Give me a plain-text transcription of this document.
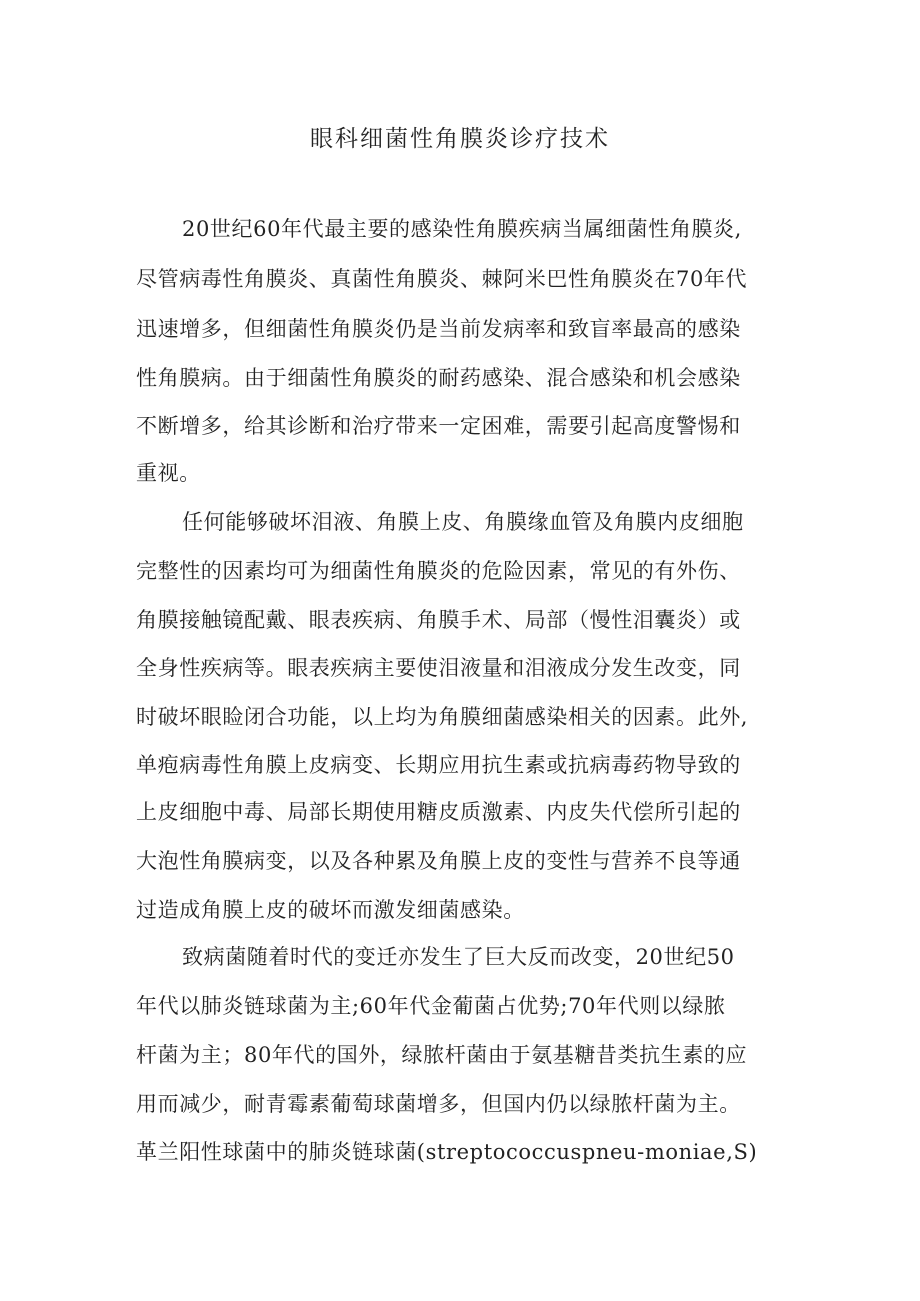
眼科细菌性角膜炎诊疗技术
20世纪60年代最主要的感染性角膜疾病当属细菌性角膜炎,
尽管病毒性角膜炎、真菌性角膜炎、棘阿米巴性角膜炎在70年代
迅速增多，但细菌性角膜炎仍是当前发病率和致盲率最高的感染
性角膜病。由于细菌性角膜炎的耐药感染、混合感染和机会感染
不断增多，给其诊断和治疗带来一定困难，需要引起高度警惕和
重视。
任何能够破坏泪液、角膜上皮、角膜缘血管及角膜内皮细胞
完整性的因素均可为细菌性角膜炎的危险因素，常见的有外伤、
角膜接触镜配戴、眼表疾病、角膜手术、局部（慢性泪囊炎）或
全身性疾病等。眼表疾病主要使泪液量和泪液成分发生改变，同
时破坏眼睑闭合功能，以上均为角膜细菌感染相关的因素。此外,
单疱病毒性角膜上皮病变、长期应用抗生素或抗病毒药物导致的
上皮细胞中毒、局部长期使用糖皮质激素、内皮失代偿所引起的
大泡性角膜病变，以及各种累及角膜上皮的变性与营养不良等通
过造成角膜上皮的破坏而激发细菌感染。
致病菌随着时代的变迁亦发生了巨大反而改变，20世纪50
年代以肺炎链球菌为主;60年代金葡菌占优势;70年代则以绿脓
杆菌为主；80年代的国外，绿脓杆菌由于氨基糖昔类抗生素的应
用而减少，耐青霉素葡萄球菌增多，但国内仍以绿脓杆菌为主。
革兰阳性球菌中的肺炎链球菌(streptococcuspneu-moniae,S)
